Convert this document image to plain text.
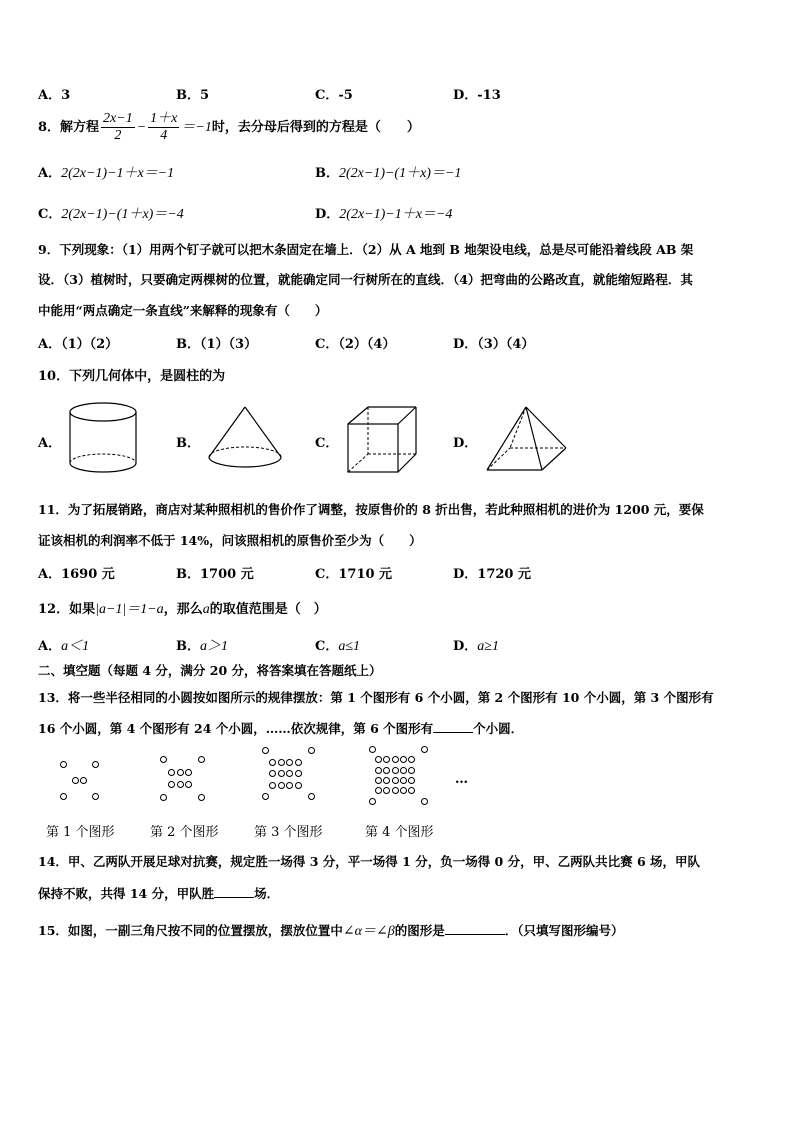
A．3	B．5	C．-5	D．-13
8．解方程 $\frac{2x-1}{2} - \frac{1+x}{4} =-1$时，去分母后得到的方程是（　　）
A．2(2x−1)−1＋x＝−1	B．2(2x−1)−(1＋x)＝−1
C．2(2x−1)−(1＋x)＝−4	D．2(2x−1)−1＋x＝−4
9．下列现象：（1）用两个钉子就可以把木条固定在墙上．（2）从 A 地到 B 地架设电线，总是尽可能沿着线段 AB 架
设．（3）植树时，只要确定两棵树的位置，就能确定同一行树所在的直线．（4）把弯曲的公路改直，就能缩短路程．其
中能用“两点确定一条直线”来解释的现象有（　　）
A．（1）（2）	B．（1）（3）	C．（2）（4）	D．（3）（4）
10．下列几何体中，是圆柱的为
A．	B．	C．	D．
11．为了拓展销路，商店对某种照相机的售价作了调整，按原售价的 8 折出售，若此种照相机的进价为 1200 元，要保
证该相机的利润率不低于 14%，问该照相机的原售价至少为（　　）
A．1690 元	B．1700 元	C．1710 元	D．1720 元
12．如果|a−1|＝1−a，那么a的取值范围是（　）
A．a＜1	B．a＞1	C．a≤1	D．a≥1
二、填空题（每题 4 分，满分 20 分，将答案填在答题纸上）
13．将一些半径相同的小圆按如图所示的规律摆放：第 1 个图形有 6 个小圆，第 2 个图形有 10 个小圆，第 3 个图形有
16 个小圆，第 4 个图形有 24 个小圆，……依次规律，第 6 个图形有	个小圆．
…
第 1 个图形	第 2 个图形	第 3 个图形	第 4 个图形
14．甲、乙两队开展足球对抗赛，规定胜一场得 3 分，平一场得 1 分，负一场得 0 分，甲、乙两队共比赛 6 场，甲队
保持不败，共得 14 分，甲队胜	场．
15．如图，一副三角尺按不同的位置摆放，摆放位置中∠α＝∠β的图形是	．（只填写图形编号）
